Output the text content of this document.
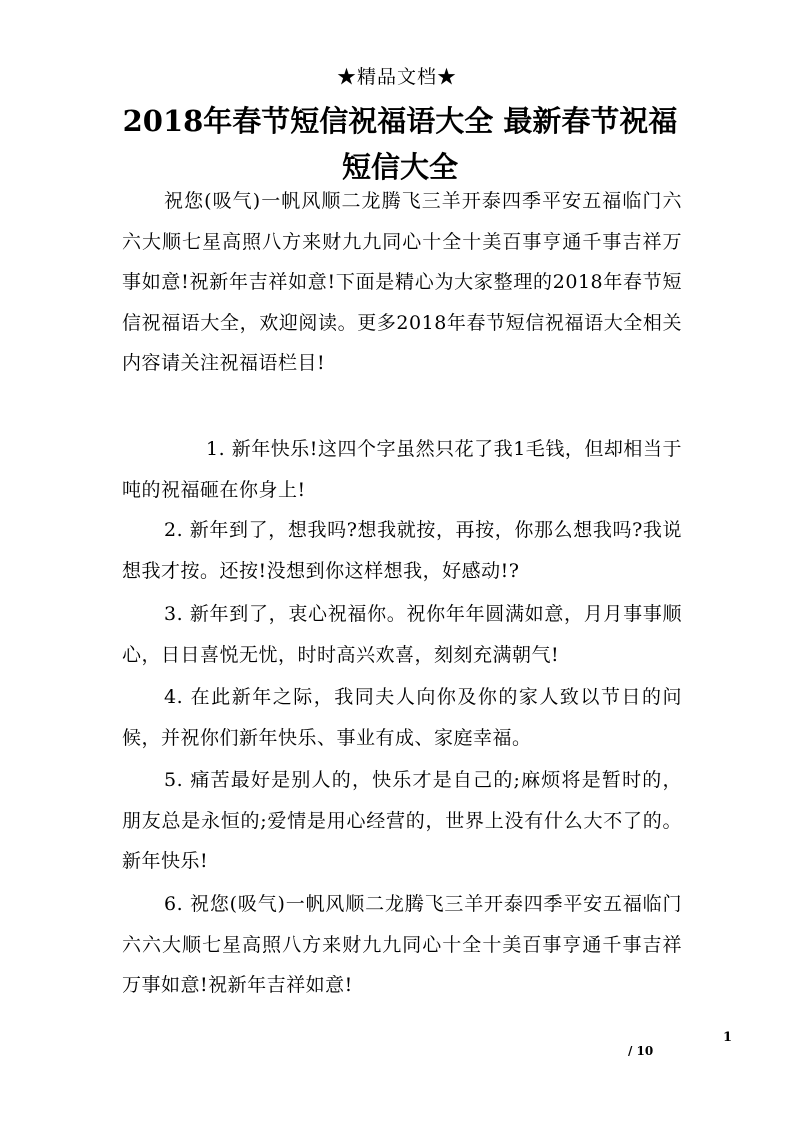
★精品文档★
2018年春节短信祝福语大全 最新春节祝福短信大全
祝您(吸气)一帆风顺二龙腾飞三羊开泰四季平安五福临门六六大顺七星高照八方来财九九同心十全十美百事亨通千事吉祥万事如意!祝新年吉祥如意!下面是精心为大家整理的2018年春节短信祝福语大全，欢迎阅读。更多2018年春节短信祝福语大全相关内容请关注祝福语栏目!
1. 新年快乐!这四个字虽然只花了我1毛钱，但却相当于吨的祝福砸在你身上!
2. 新年到了，想我吗?想我就按，再按，你那么想我吗?我说想我才按。还按!没想到你这样想我，好感动!?
3. 新年到了，衷心祝福你。祝你年年圆满如意，月月事事顺心，日日喜悦无忧，时时高兴欢喜，刻刻充满朝气!
4. 在此新年之际，我同夫人向你及你的家人致以节日的问候，并祝你们新年快乐、事业有成、家庭幸福。
5. 痛苦最好是别人的，快乐才是自己的;麻烦将是暂时的，朋友总是永恒的;爱情是用心经营的，世界上没有什么大不了的。新年快乐!
6. 祝您(吸气)一帆风顺二龙腾飞三羊开泰四季平安五福临门六六大顺七星高照八方来财九九同心十全十美百事亨通千事吉祥万事如意!祝新年吉祥如意!
1
/ 10
